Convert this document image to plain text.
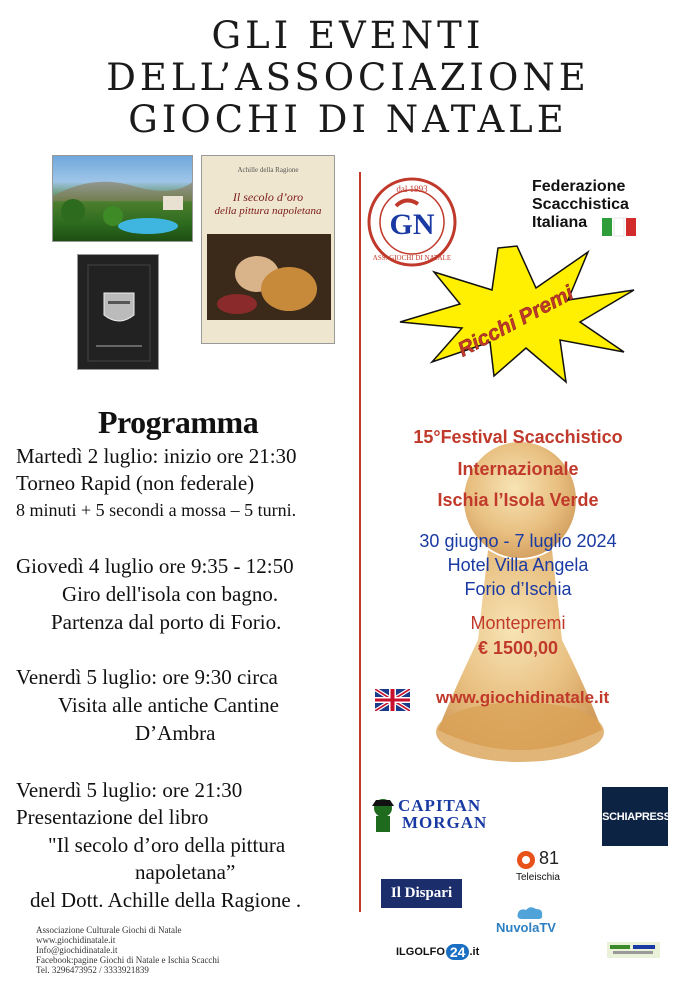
GLI EVENTI
DELL’ASSOCIAZIONE
GIOCHI DI NATALE
Achille della Ragione
Il secolo d’oro
della pittura napoletana
dal 1993
ASS. GIOCHI DI NATALE
GN
Federazione
Scacchistica
Italiana
Ricchi Premi
15°Festival Scacchistico
Internazionale
Ischia l’Isola Verde
30 giugno - 7 luglio 2024
Hotel Villa Angela
Forio d’Ischia
Montepremi
€ 1500,00
www.giochidinatale.it
Programma
Martedì 2 luglio: inizio ore 21:30
Torneo Rapid (non federale)
8 minuti + 5 secondi a mossa – 5 turni.
Giovedì 4 luglio ore 9:35 - 12:50
Giro dell'isola con bagno.
Partenza dal porto di Forio.
Venerdì 5 luglio: ore 9:30 circa
Visita alle antiche Cantine
D’Ambra
Venerdì 5 luglio: ore 21:30
Presentazione del libro
"Il secolo d’oro della pittura
napoletana”
del Dott. Achille della Ragione .
Associazione Culturale Giochi di Natale
www.giochidinatale.it
Info@giochidinatale.it
Facebook:pagine Giochi di Natale e Ischia Scacchi
Tel. 3296473952 / 3333921839
CAPITAN
MORGAN	ISCHIAPRESS
81
Teleischia
Il Dispari
NuvolaTV
ILGOLFO 24 .it
